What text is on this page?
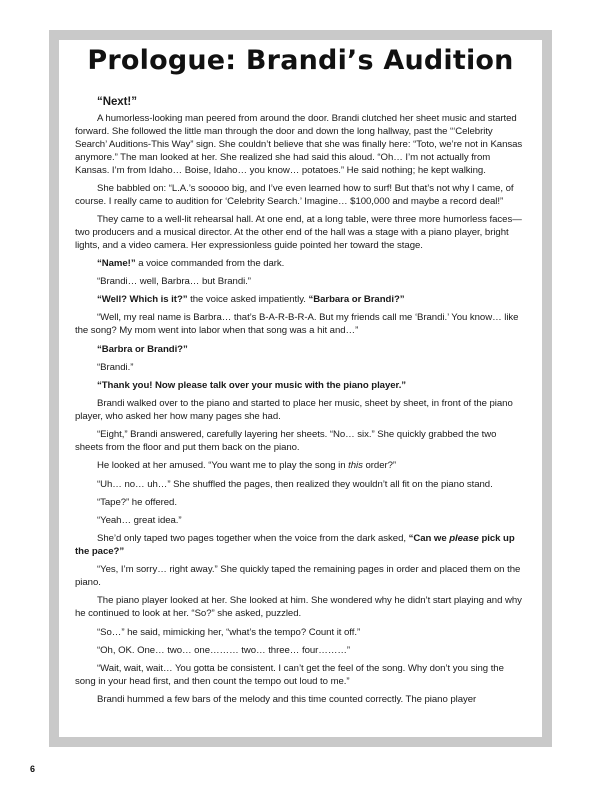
Prologue: Brandi’s Audition

“Next!”

A humorless-looking man peered from around the door. Brandi clutched her sheet music and started forward. She followed the little man through the door and down the long hallway, past the “‘Celebrity Search’ Auditions-This Way” sign. She couldn’t believe that she was finally here: “Toto, we’re not in Kansas anymore.” The man looked at her. She realized she had said this aloud. “Oh… I’m not actually from Kansas. I’m from Idaho… Boise, Idaho… you know… potatoes.” He said nothing; he kept walking.

She babbled on: “L.A.’s sooooo big, and I’ve even learned how to surf! But that’s not why I came, of course. I really came to audition for ‘Celebrity Search.’ Imagine… $100,000 and maybe a record deal!”

They came to a well-lit rehearsal hall. At one end, at a long table, were three more humorless faces—two producers and a musical director. At the other end of the hall was a stage with a piano player, bright lights, and a video camera. Her expressionless guide pointed her toward the stage.

“Name!” a voice commanded from the dark.

“Brandi… well, Barbra… but Brandi.”

“Well? Which is it?” the voice asked impatiently. “Barbara or Brandi?”

“Well, my real name is Barbra… that’s B-A-R-B-R-A. But my friends call me ‘Brandi.’ You know… like the song? My mom went into labor when that song was a hit and…”

“Barbra or Brandi?”

“Brandi.”

“Thank you! Now please talk over your music with the piano player.”

Brandi walked over to the piano and started to place her music, sheet by sheet, in front of the piano player, who asked her how many pages she had.

“Eight,” Brandi answered, carefully layering her sheets. “No… six.” She quickly grabbed the two sheets from the floor and put them back on the piano.

He looked at her amused. “You want me to play the song in this order?”

“Uh… no… uh…” She shuffled the pages, then realized they wouldn’t all fit on the piano stand.

“Tape?” he offered.

“Yeah… great idea.”

She’d only taped two pages together when the voice from the dark asked, “Can we please pick up the pace?”

“Yes, I’m sorry… right away.” She quickly taped the remaining pages in order and placed them on the piano.

The piano player looked at her. She looked at him. She wondered why he didn’t start playing and why he continued to look at her. “So?” she asked, puzzled.

“So…” he said, mimicking her, “what’s the tempo? Count it off.”

“Oh, OK. One… two… one……… two… three… four………”

“Wait, wait, wait… You gotta be consistent. I can’t get the feel of the song. Why don’t you sing the song in your head first, and then count the tempo out loud to me.”

Brandi hummed a few bars of the melody and this time counted correctly. The piano player

6
